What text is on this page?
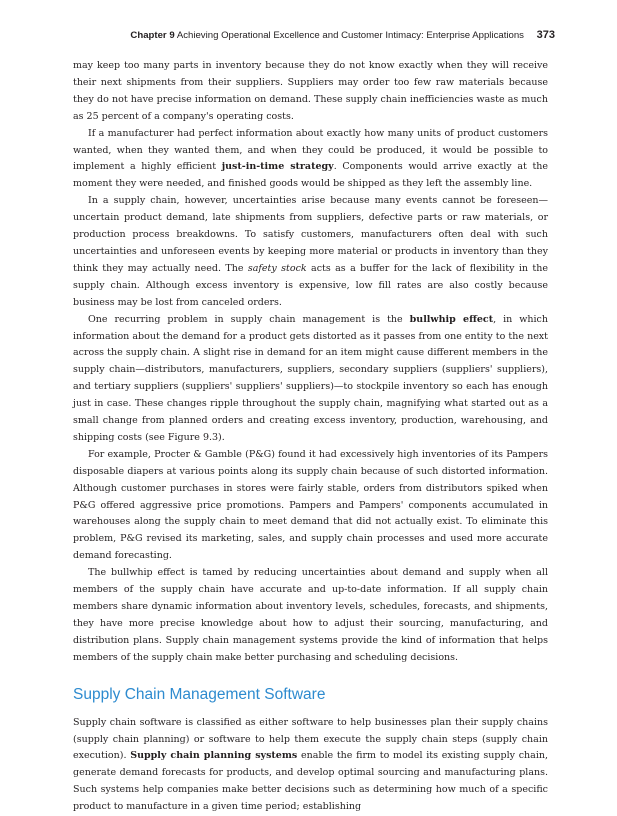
Chapter 9 Achieving Operational Excellence and Customer Intimacy: Enterprise Applications 373

may keep too many parts in inventory because they do not know exactly when they will receive their next shipments from their suppliers. Suppliers may order too few raw materials because they do not have precise information on demand. These supply chain inefficiencies waste as much as 25 percent of a company's operating costs.

If a manufacturer had perfect information about exactly how many units of product customers wanted, when they wanted them, and when they could be produced, it would be possible to implement a highly efficient just-in-time strategy. Components would arrive exactly at the moment they were needed, and finished goods would be shipped as they left the assembly line.

In a supply chain, however, uncertainties arise because many events cannot be foreseen—uncertain product demand, late shipments from suppliers, defective parts or raw materials, or production process breakdowns. To satisfy customers, manufacturers often deal with such uncertainties and unforeseen events by keeping more material or products in inventory than they think they may actually need. The safety stock acts as a buffer for the lack of flexibility in the supply chain. Although excess inventory is expensive, low fill rates are also costly because business may be lost from canceled orders.

One recurring problem in supply chain management is the bullwhip effect, in which information about the demand for a product gets distorted as it passes from one entity to the next across the supply chain. A slight rise in demand for an item might cause different members in the supply chain—distributors, manufacturers, suppliers, secondary suppliers (suppliers' suppliers), and tertiary suppliers (suppliers' suppliers' suppliers)—to stockpile inventory so each has enough just in case. These changes ripple throughout the supply chain, magnifying what started out as a small change from planned orders and creating excess inventory, production, warehousing, and shipping costs (see Figure 9.3).

For example, Procter & Gamble (P&G) found it had excessively high inventories of its Pampers disposable diapers at various points along its supply chain because of such distorted information. Although customer purchases in stores were fairly stable, orders from distributors spiked when P&G offered aggressive price promotions. Pampers and Pampers' components accumulated in warehouses along the supply chain to meet demand that did not actually exist. To eliminate this problem, P&G revised its marketing, sales, and supply chain processes and used more accurate demand forecasting.

The bullwhip effect is tamed by reducing uncertainties about demand and supply when all members of the supply chain have accurate and up-to-date information. If all supply chain members share dynamic information about inventory levels, schedules, forecasts, and shipments, they have more precise knowledge about how to adjust their sourcing, manufacturing, and distribution plans. Supply chain management systems provide the kind of information that helps members of the supply chain make better purchasing and scheduling decisions.

Supply Chain Management Software

Supply chain software is classified as either software to help businesses plan their supply chains (supply chain planning) or software to help them execute the supply chain steps (supply chain execution). Supply chain planning systems enable the firm to model its existing supply chain, generate demand forecasts for products, and develop optimal sourcing and manufacturing plans. Such systems help companies make better decisions such as determining how much of a specific product to manufacture in a given time period; establishing
